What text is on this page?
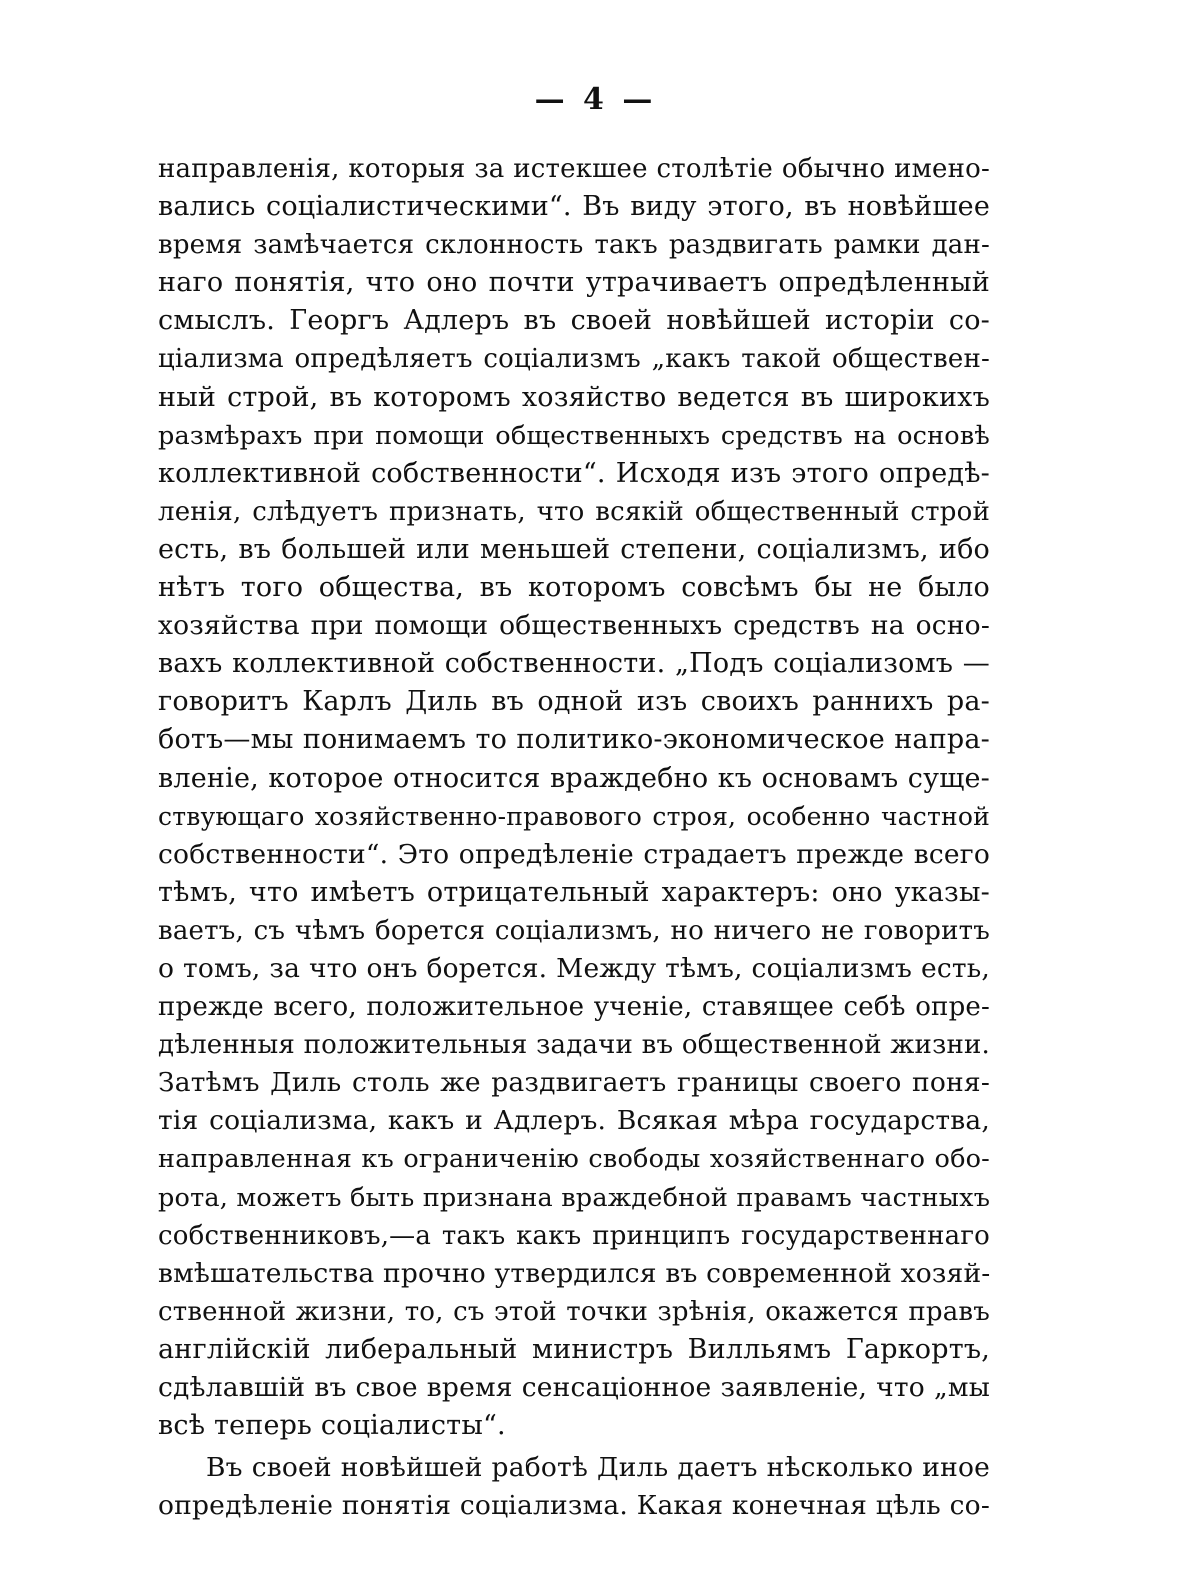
— 4 —
направленія, которыя за истекшее столѣтіе обычно имено-
вались соціалистическими“. Въ виду этого, въ новѣйшее
время замѣчается склонность такъ раздвигать рамки дан-
наго понятія, что оно почти утрачиваетъ опредѣленный
смыслъ. Георгъ Адлеръ въ своей новѣйшей исторіи со-
ціализма опредѣляетъ соціализмъ „какъ такой обществен-
ный строй, въ которомъ хозяйство ведется въ широкихъ
размѣрахъ при помощи общественныхъ средствъ на основѣ
коллективной собственности“. Исходя изъ этого опредѣ-
ленія, слѣдуетъ признать, что всякій общественный строй
есть, въ большей или меньшей степени, соціализмъ, ибо
нѣтъ того общества, въ которомъ совсѣмъ бы не было
хозяйства при помощи общественныхъ средствъ на осно-
вахъ коллективной собственности. „Подъ соціализомъ —
говоритъ Карлъ Диль въ одной изъ своихъ раннихъ ра-
ботъ—мы понимаемъ то политико-экономическое напра-
вленіе, которое относится враждебно къ основамъ суще-
ствующаго хозяйственно-правового строя, особенно частной
собственности“. Это опредѣленіе страдаетъ прежде всего
тѣмъ, что имѣетъ отрицательный характеръ: оно указы-
ваетъ, съ чѣмъ борется соціализмъ, но ничего не говоритъ
о томъ, за что онъ борется. Между тѣмъ, соціализмъ есть,
прежде всего, положительное ученіе, ставящее себѣ опре-
дѣленныя положительныя задачи въ общественной жизни.
Затѣмъ Диль столь же раздвигаетъ границы своего поня-
тія соціализма, какъ и Адлеръ. Всякая мѣра государства,
направленная къ ограниченію свободы хозяйственнаго обо-
рота, можетъ быть признана враждебной правамъ частныхъ
собственниковъ,—а такъ какъ принципъ государственнаго
вмѣшательства прочно утвердился въ современной хозяй-
ственной жизни, то, съ этой точки зрѣнія, окажется правъ
англійскій либеральный министръ Вилльямъ Гаркортъ,
сдѣлавшій въ свое время сенсаціонное заявленіе, что „мы
всѣ теперь соціалисты“.
Въ своей новѣйшей работѣ Диль даетъ нѣсколько иное
опредѣленіе понятія соціализма. Какая конечная цѣль со-
